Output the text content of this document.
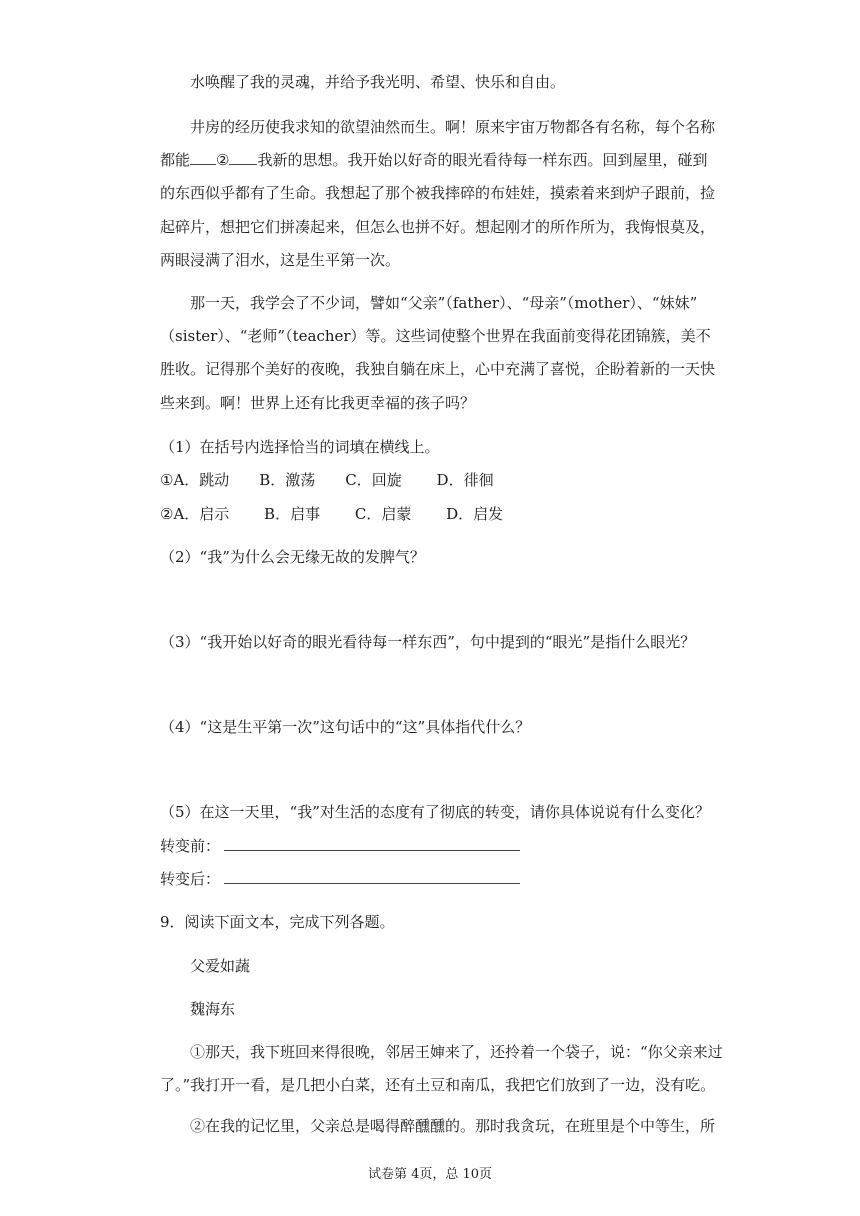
水唤醒了我的灵魂，并给予我光明、希望、快乐和自由。
井房的经历使我求知的欲望油然而生。啊！原来宇宙万物都各有名称，每个名称
都能 ② 我新的思想。我开始以好奇的眼光看待每一样东西。回到屋里，碰到
的东西似乎都有了生命。我想起了那个被我摔碎的布娃娃，摸索着来到炉子跟前，捡
起碎片，想把它们拼凑起来，但怎么也拼不好。想起刚才的所作所为，我悔恨莫及，
两眼浸满了泪水，这是生平第一次。
那一天，我学会了不少词，譬如“父亲”（father）、“母亲”（mother）、“妹妹”
（sister）、“老师”（teacher）等。这些词使整个世界在我面前变得花团锦簇，美不
胜收。记得那个美好的夜晚，我独自躺在床上，心中充满了喜悦，企盼着新的一天快
些来到。啊！世界上还有比我更幸福的孩子吗？
（1）在括号内选择恰当的词填在横线上。
①A．跳动　　B．激荡　　C．回旋　　 D．徘徊
②A．启示　　 B．启事　　 C．启蒙　　 D．启发
（2）“我”为什么会无缘无故的发脾气？
（3）“我开始以好奇的眼光看待每一样东西”，句中提到的“眼光”是指什么眼光？
（4）“这是生平第一次”这句话中的“这”具体指代什么？
（5）在这一天里，“我”对生活的态度有了彻底的转变，请你具体说说有什么变化？
转变前：
转变后：
9．阅读下面文本，完成下列各题。
父爱如蔬
魏海东
①那天，我下班回来得很晚，邻居王婶来了，还拎着一个袋子，说：“你父亲来过
了。”我打开一看，是几把小白菜，还有土豆和南瓜，我把它们放到了一边，没有吃。
②在我的记忆里，父亲总是喝得醉醺醺的。那时我贪玩，在班里是个中等生，所
试卷第 4页，总 10页
